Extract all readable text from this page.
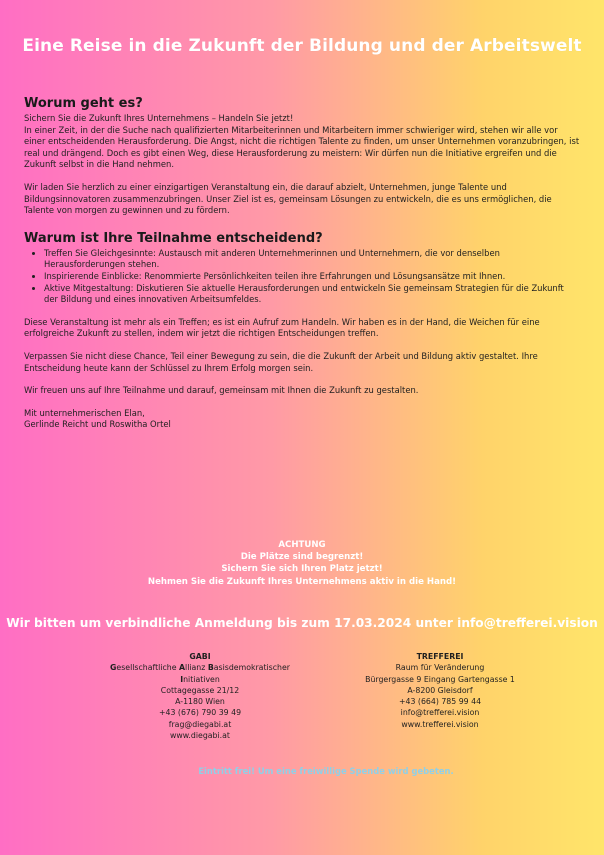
Eine Reise in die Zukunft der Bildung und der Arbeitswelt
Worum geht es?

Sichern Sie die Zukunft Ihres Unternehmens – Handeln Sie jetzt!

In einer Zeit, in der die Suche nach qualifizierten Mitarbeiterinnen und Mitarbeitern immer schwieriger wird, stehen wir alle vor einer entscheidenden Herausforderung. Die Angst, nicht die richtigen Talente zu finden, um unser Unternehmen voranzubringen, ist real und drängend. Doch es gibt einen Weg, diese Herausforderung zu meistern: Wir dürfen nun die Initiative ergreifen und die Zukunft selbst in die Hand nehmen.

Wir laden Sie herzlich zu einer einzigartigen Veranstaltung ein, die darauf abzielt, Unternehmen, junge Talente und Bildungsinnovatoren zusammenzubringen. Unser Ziel ist es, gemeinsam Lösungen zu entwickeln, die es uns ermöglichen, die Talente von morgen zu gewinnen und zu fördern.

Warum ist Ihre Teilnahme entscheidend?
• Treffen Sie Gleichgesinnte: Austausch mit anderen Unternehmerinnen und Unternehmern, die vor denselben Herausforderungen stehen.
• Inspirierende Einblicke: Renommierte Persönlichkeiten teilen ihre Erfahrungen und Lösungsansätze mit Ihnen.
• Aktive Mitgestaltung: Diskutieren Sie aktuelle Herausforderungen und entwickeln Sie gemeinsam Strategien für die Zukunft der Bildung und eines innovativen Arbeitsumfeldes.

Diese Veranstaltung ist mehr als ein Treffen; es ist ein Aufruf zum Handeln. Wir haben es in der Hand, die Weichen für eine erfolgreiche Zukunft zu stellen, indem wir jetzt die richtigen Entscheidungen treffen.

Verpassen Sie nicht diese Chance, Teil einer Bewegung zu sein, die die Zukunft der Arbeit und Bildung aktiv gestaltet. Ihre Entscheidung heute kann der Schlüssel zu Ihrem Erfolg morgen sein.

Wir freuen uns auf Ihre Teilnahme und darauf, gemeinsam mit Ihnen die Zukunft zu gestalten.

Mit unternehmerischen Elan,

Gerlinde Reicht und Roswitha Ortel

ACHTUNG
Die Plätze sind begrenzt!
Sichern Sie sich Ihren Platz jetzt!
Nehmen Sie die Zukunft Ihres Unternehmens aktiv in die Hand!
Wir bitten um verbindliche Anmeldung bis zum 17.03.2024 unter info@trefferei.vision
GABI
Gesellschaftliche Allianz Basisdemokratischer Initiativen
Cottagegasse 21/12
A-1180 Wien
+43 (676) 790 39 49
frag@diegabi.at
www.diegabi.at
TREFFEREI
Raum für Veränderung
Bürgergasse 9 Eingang Gartengasse 1
A-8200 Gleisdorf
+43 (664) 785 99 44
info@trefferei.vision
www.trefferei.vision
Eintritt frei! Um eine freiwillige Spende wird gebeten.
